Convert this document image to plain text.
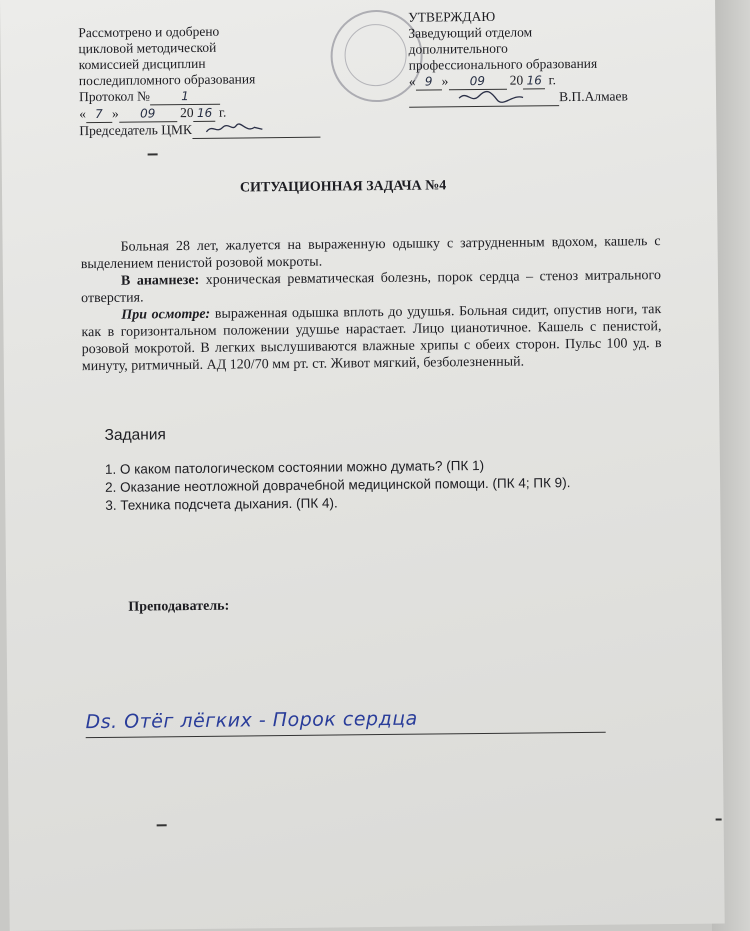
Рассмотрено и одобрено
цикловой методической
комиссией дисциплин
последипломного образования
Протокол №	1
« 7 » 09 20 16 г.
Председатель ЦМК
УТВЕРЖДАЮ
Заведующий отделом
дополнительного
профессионального образования
« 9 » 09 20 16 г.
В.П.Алмаев
СИТУАЦИОННАЯ ЗАДАЧА №4

Больная 28 лет, жалуется на выраженную одышку с затрудненным вдохом, кашель с выделением пенистой розовой мокроты.

В анамнезе: хроническая ревматическая болезнь, порок сердца – стеноз митрального отверстия.

При осмотре: выраженная одышка вплоть до удушья. Больная сидит, опустив ноги, так как в горизонтальном положении удушье нарастает. Лицо цианотичное. Кашель с пенистой, розовой мокротой. В легких выслушиваются влажные хрипы с обеих сторон. Пульс 100 уд. в минуту, ритмичный. АД 120/70 мм рт. ст. Живот мягкий, безболезненный.

Задания
1. О каком патологическом состоянии можно думать? (ПК 1)
2. Оказание неотложной доврачебной медицинской помощи. (ПК 4; ПК 9).
3. Техника подсчета дыхания. (ПК 4).
Преподаватель:
Ds. Отёг лёгких - Порок сердца
